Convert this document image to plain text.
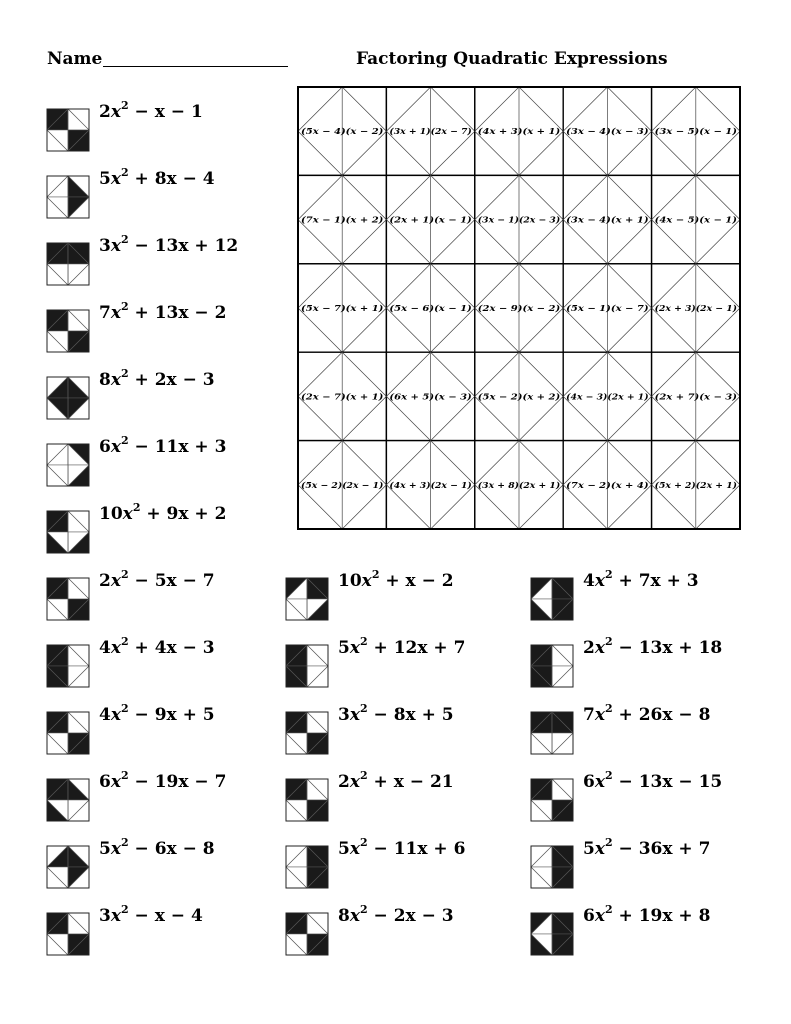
Name	Factoring Quadratic Expressions
(5x − 4)(x − 2)	(3x + 1)(2x − 7)	(4x + 3)(x + 1)	(3x − 4)(x − 3)	(3x − 5)(x − 1)
(7x − 1)(x + 2)	(2x + 1)(x − 1)	(3x − 1)(2x − 3)	(3x − 4)(x + 1)	(4x − 5)(x − 1)
(5x − 7)(x + 1)	(5x − 6)(x − 1)	(2x − 9)(x − 2)	(5x − 1)(x − 7)	(2x + 3)(2x − 1)
(2x − 7)(x + 1)	(6x + 5)(x − 3)	(5x − 2)(x + 2)	(4x − 3)(2x + 1)	(2x + 7)(x − 3)
(5x − 2)(2x − 1)	(4x + 3)(2x − 1)	(3x + 8)(2x + 1)	(7x − 2)(x + 4)	(5x + 2)(2x + 1)
$2x^2 - x - 1$
$5x^2 + 8x - 4$
$3x^2 - 13x + 12$
$7x^2 + 13x - 2$
$8x^2 + 2x - 3$
$6x^2 - 11x + 3$
$10x^2 + 9x + 2$
$2x^2 - 5x - 7$
$4x^2 + 4x - 3$
$4x^2 - 9x + 5$
$6x^2 - 19x - 7$
$5x^2 - 6x - 8$
$3x^2 - x - 4$
$10x^2 + x - 2$
$5x^2 + 12x + 7$
$3x^2 - 8x + 5$
$2x^2 + x - 21$
$5x^2 - 11x + 6$
$8x^2 - 2x - 3$
$4x^2 + 7x + 3$
$2x^2 - 13x + 18$
$7x^2 + 26x - 8$
$6x^2 - 13x - 15$
$5x^2 - 36x + 7$
$6x^2 + 19x + 8$
